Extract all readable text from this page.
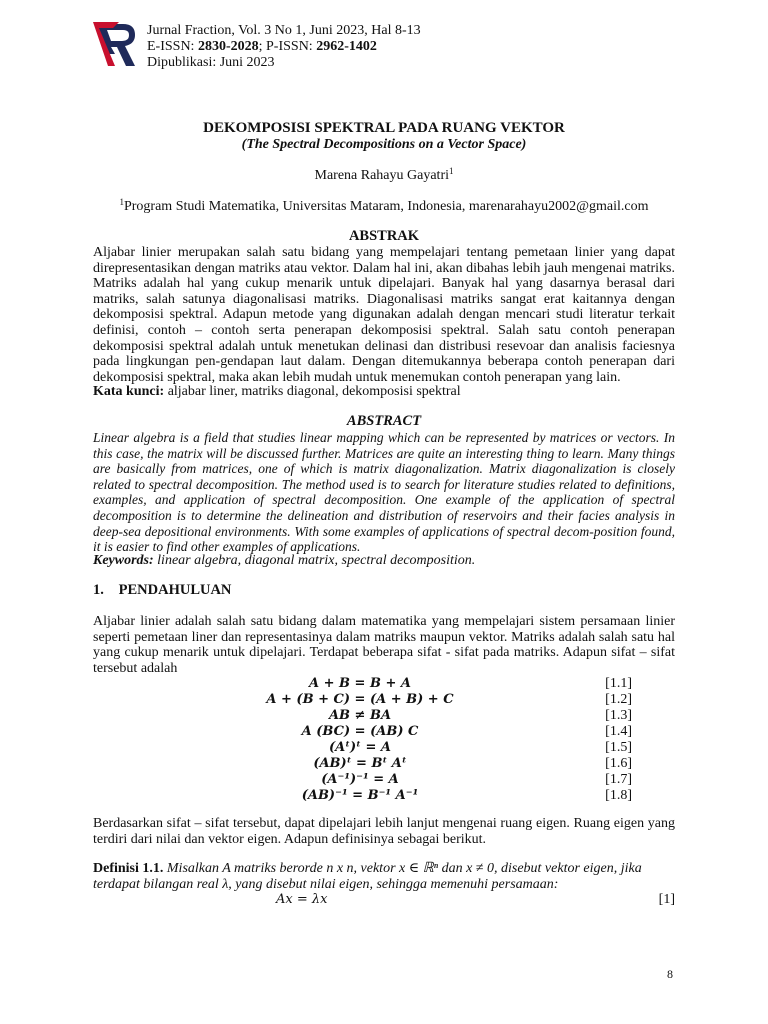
Jurnal Fraction, Vol. 3 No 1, Juni 2023, Hal 8-13
E-ISSN: 2830-2028; P-ISSN: 2962-1402
Dipublikasi: Juni 2023
DEKOMPOSISI SPEKTRAL PADA RUANG VEKTOR
(The Spectral Decompositions on a Vector Space)
Marena Rahayu Gayatri$^1$
$^1$Program Studi Matematika, Universitas Mataram, Indonesia, marenarahayu2002@gmail.com
ABSTRAK
Aljabar linier merupakan salah satu bidang yang mempelajari tentang pemetaan linier yang dapat direpresentasikan dengan matriks atau vektor. Dalam hal ini, akan dibahas lebih jauh mengenai matriks. Matriks adalah hal yang cukup menarik untuk dipelajari. Banyak hal yang dasarnya berasal dari matriks, salah satunya diagonalisasi matriks. Diagonalisasi matriks sangat erat kaitannya dengan dekomposisi spektral. Adapun metode yang digunakan adalah dengan mencari studi literatur terkait definisi, contoh – contoh serta penerapan dekomposisi spektral. Salah satu contoh penerapan dekomposisi spektral adalah untuk menetukan delinasi dan distribusi resevoar dan analisis faciesnya pada lingkungan pen-gendapan laut dalam. Dengan ditemukannya beberapa contoh penerapan dari dekomposisi spektral, maka akan lebih mudah untuk menemukan contoh penerapan yang lain.
Kata kunci: aljabar liner, matriks diagonal, dekomposisi spektral
ABSTRACT
Linear algebra is a field that studies linear mapping which can be represented by matrices or vectors. In this case, the matrix will be discussed further. Matrices are quite an interesting thing to learn. Many things are basically from matrices, one of which is matrix diagonalization. Matrix diagonalization is closely related to spectral decomposition. The method used is to search for literature studies related to definitions, examples, and application of spectral decomposition. One example of the application of spectral decomposition is to determine the delineation and distribution of reservoirs and their facies analysis in deep-sea depositional environments. With some examples of applications of spectral decom-position found, it is easier to find other examples of applications.
Keywords: linear algebra, diagonal matrix, spectral decomposition.
1. PENDAHULUAN
Aljabar linier adalah salah satu bidang dalam matematika yang mempelajari sistem persamaan linier seperti pemetaan liner dan representasinya dalam matriks maupun vektor. Matriks adalah salah satu hal yang cukup menarik untuk dipelajari. Terdapat beberapa sifat - sifat pada matriks. Adapun sifat – sifat tersebut adalah
A + B = B + A	[1.1]
A + (B + C) = (A + B) + C	[1.2]
AB ≠ BA	[1.3]
A (BC) = (AB) C	[1.4]
(Aᵗ)ᵗ = A	[1.5]
(AB)ᵗ = Bᵗ Aᵗ	[1.6]
(A⁻¹)⁻¹ = A	[1.7]
(AB)⁻¹ = B⁻¹ A⁻¹	[1.8]
Berdasarkan sifat – sifat tersebut, dapat dipelajari lebih lanjut mengenai ruang eigen. Ruang eigen yang terdiri dari nilai dan vektor eigen. Adapun definisinya sebagai berikut.
Definisi 1.1. Misalkan A matriks berorde n x n, vektor x ∈ ℝⁿ dan x ≠ 0, disebut vektor eigen, jika terdapat bilangan real λ, yang disebut nilai eigen, sehingga memenuhi persamaan:
Ax = λx	[1]
8
